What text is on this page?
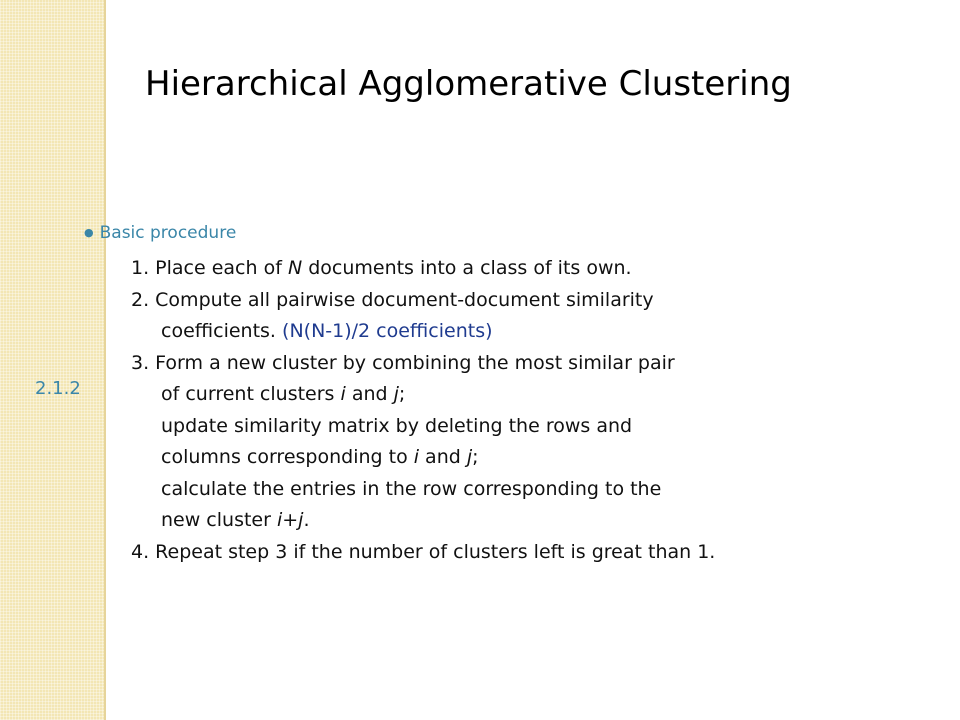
Hierarchical Agglomerative Clustering
2.1.2
● Basic procedure
1. Place each of N documents into a class of its own.
2. Compute all pairwise document-document similarity
coefficients. (N(N-1)/2 coefficients)
3. Form a new cluster by combining the most similar pair
of current clusters i and j;
update similarity matrix by deleting the rows and
columns corresponding to i and j;
calculate the entries in the row corresponding to the
new cluster i+j.
4. Repeat step 3 if the number of clusters left is great than 1.
